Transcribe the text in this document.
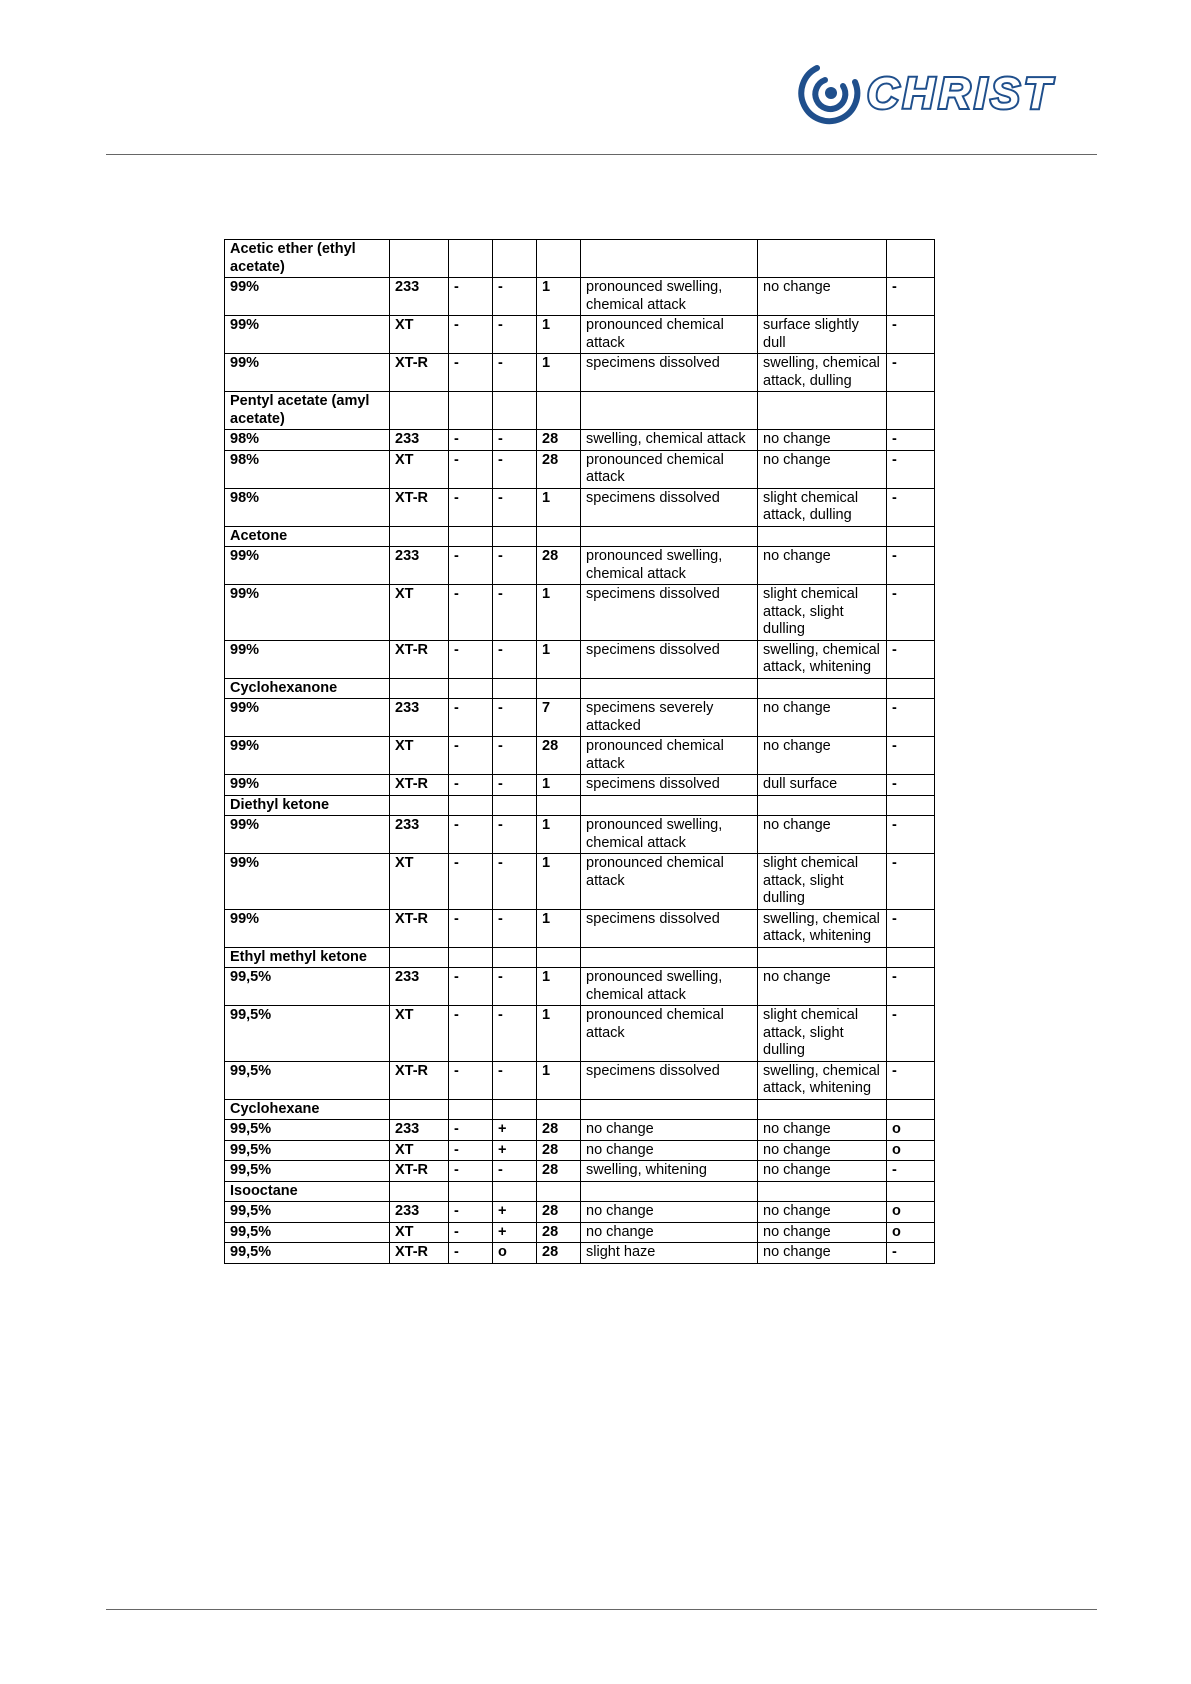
CHRIST
Acetic ether (ethyl acetate)							
99%	233	-	-	1	pronounced swelling, chemical attack	no change	-
99%	XT	-	-	1	pronounced chemical attack	surface slightly dull	-
99%	XT-R	-	-	1	specimens dissolved	swelling, chemical attack, dulling	-
Pentyl acetate (amyl acetate)							
98%	233	-	-	28	swelling, chemical attack	no change	-
98%	XT	-	-	28	pronounced chemical attack	no change	-
98%	XT-R	-	-	1	specimens dissolved	slight chemical attack, dulling	-
Acetone							
99%	233	-	-	28	pronounced swelling, chemical attack	no change	-
99%	XT	-	-	1	specimens dissolved	slight chemical attack, slight dulling	-
99%	XT-R	-	-	1	specimens dissolved	swelling, chemical attack, whitening	-
Cyclohexanone							
99%	233	-	-	7	specimens severely attacked	no change	-
99%	XT	-	-	28	pronounced chemical attack	no change	-
99%	XT-R	-	-	1	specimens dissolved	dull surface	-
Diethyl ketone							
99%	233	-	-	1	pronounced swelling, chemical attack	no change	-
99%	XT	-	-	1	pronounced chemical attack	slight chemical attack, slight dulling	-
99%	XT-R	-	-	1	specimens dissolved	swelling, chemical attack, whitening	-
Ethyl methyl ketone							
99,5%	233	-	-	1	pronounced swelling, chemical attack	no change	-
99,5%	XT	-	-	1	pronounced chemical attack	slight chemical attack, slight dulling	-
99,5%	XT-R	-	-	1	specimens dissolved	swelling, chemical attack, whitening	-
Cyclohexane							
99,5%	233	-	+	28	no change	no change	o
99,5%	XT	-	+	28	no change	no change	o
99,5%	XT-R	-	-	28	swelling, whitening	no change	-
Isooctane							
99,5%	233	-	+	28	no change	no change	o
99,5%	XT	-	+	28	no change	no change	o
99,5%	XT-R	-	o	28	slight haze	no change	-
